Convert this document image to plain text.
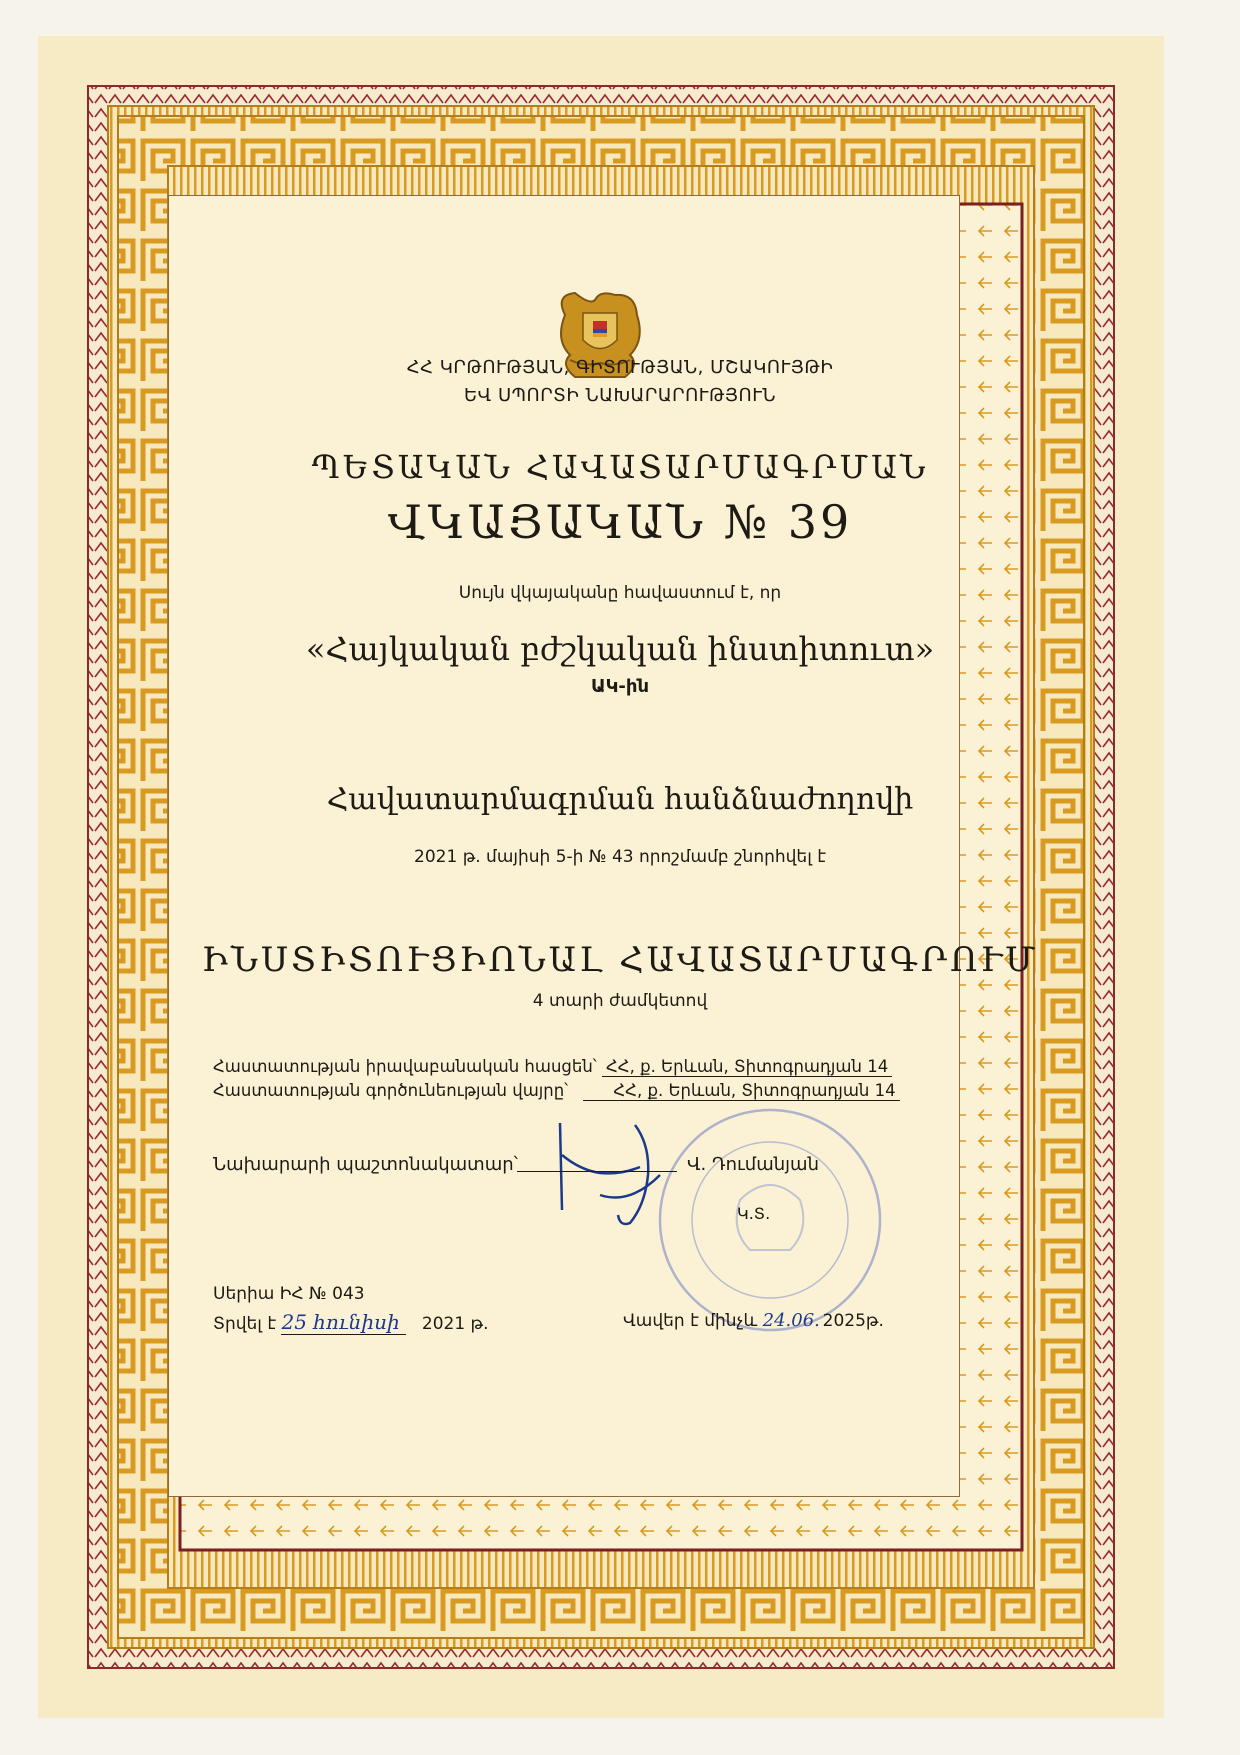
ՀՀ ԿՐԹՈՒԹՅԱՆ, ԳԻՏՈՒԹՅԱՆ, ՄՇԱԿՈՒՅԹԻ
ԵՎ ՍՊՈՐՏԻ ՆԱԽԱՐԱՐՈՒԹՅՈՒՆ
ՊԵՏԱԿԱՆ ՀԱՎԱՏԱՐՄԱԳՐՄԱՆ
ՎԿԱՅԱԿԱՆ № 39
Սույն վկայականը հավաստում է, որ
«Հայկական բժշկական ինստիտուտ»
ԱԿ-ին
Հավատարմագրման հանձնաժողովի
2021 թ. մայիսի 5-ի № 43 որոշմամբ շնորհվել է
ԻՆՍՏԻՏՈՒՑԻՈՆԱԼ ՀԱՎԱՏԱՐՄԱԳՐՈՒՄ
4 տարի ժամկետով
Հաստատության իրավաբանական հասցեն՝ ՀՀ, ք. Երևան, Տիտոգրադյան 14
Հաստատության գործունեության վայրը՝	ՀՀ, ք. Երևան, Տիտոգրադյան 14
Նախարարի պաշտոնակատար՝	Վ. Դումանյան
Կ.Տ.
Սերիա ԻՀ № 043
Տրվել է 25 հունիսի 2021 թ.	Վավեր է մինչև 24.06. 2025թ.
